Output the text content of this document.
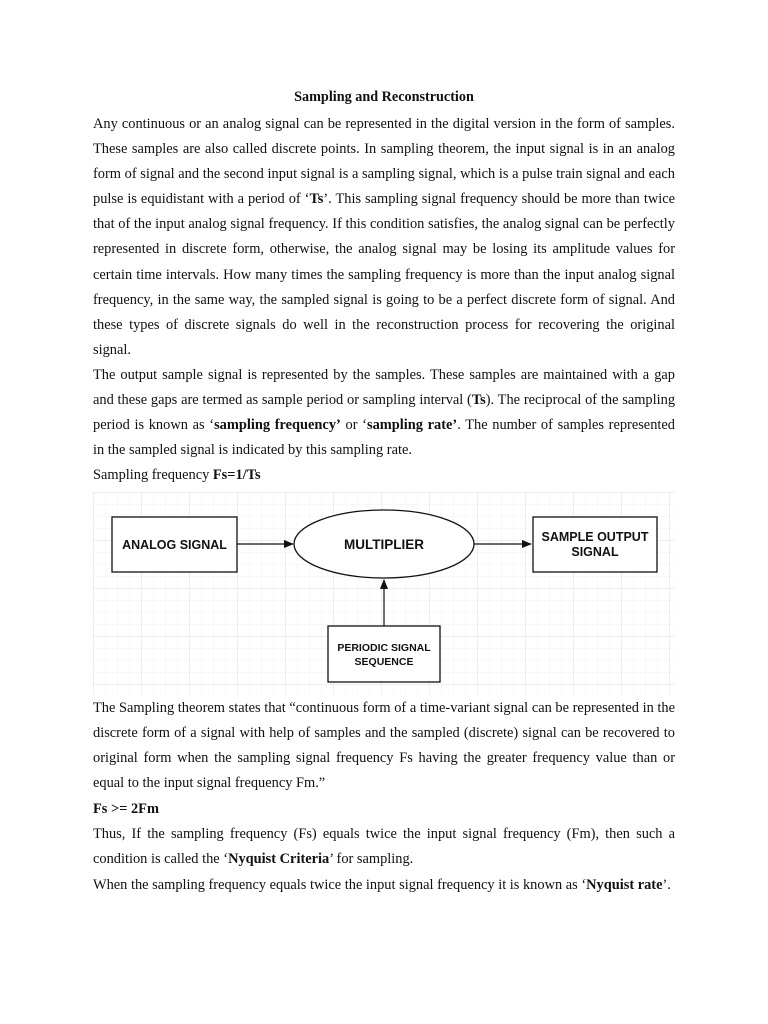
Sampling and Reconstruction

Any continuous or an analog signal can be represented in the digital version in the form of samples. These samples are also called discrete points. In sampling theorem, the input signal is in an analog form of signal and the second input signal is a sampling signal, which is a pulse train signal and each pulse is equidistant with a period of ‘Ts’. This sampling signal frequency should be more than twice that of the input analog signal frequency. If this condition satisfies, the analog signal can be perfectly represented in discrete form, otherwise, the analog signal may be losing its amplitude values for certain time intervals. How many times the sampling frequency is more than the input analog signal frequency, in the same way, the sampled signal is going to be a perfect discrete form of signal. And these types of discrete signals do well in the reconstruction process for recovering the original signal.

The output sample signal is represented by the samples. These samples are maintained with a gap and these gaps are termed as sample period or sampling interval (Ts). The reciprocal of the sampling period is known as ‘sampling frequency’ or ‘sampling rate’. The number of samples represented in the sampled signal is indicated by this sampling rate.

Sampling frequency Fs=1/Ts

ANALOG SIGNAL	MULTIPLIER	SAMPLE OUTPUT
SIGNAL
PERIODIC SIGNAL
SEQUENCE

The Sampling theorem states that “continuous form of a time-variant signal can be represented in the discrete form of a signal with help of samples and the sampled (discrete) signal can be recovered to original form when the sampling signal frequency Fs having the greater frequency value than or equal to the input signal frequency Fm.”

Fs >= 2Fm

Thus, If the sampling frequency (Fs) equals twice the input signal frequency (Fm), then such a condition is called the ‘Nyquist Criteria’ for sampling.

When the sampling frequency equals twice the input signal frequency it is known as ‘Nyquist rate’.
